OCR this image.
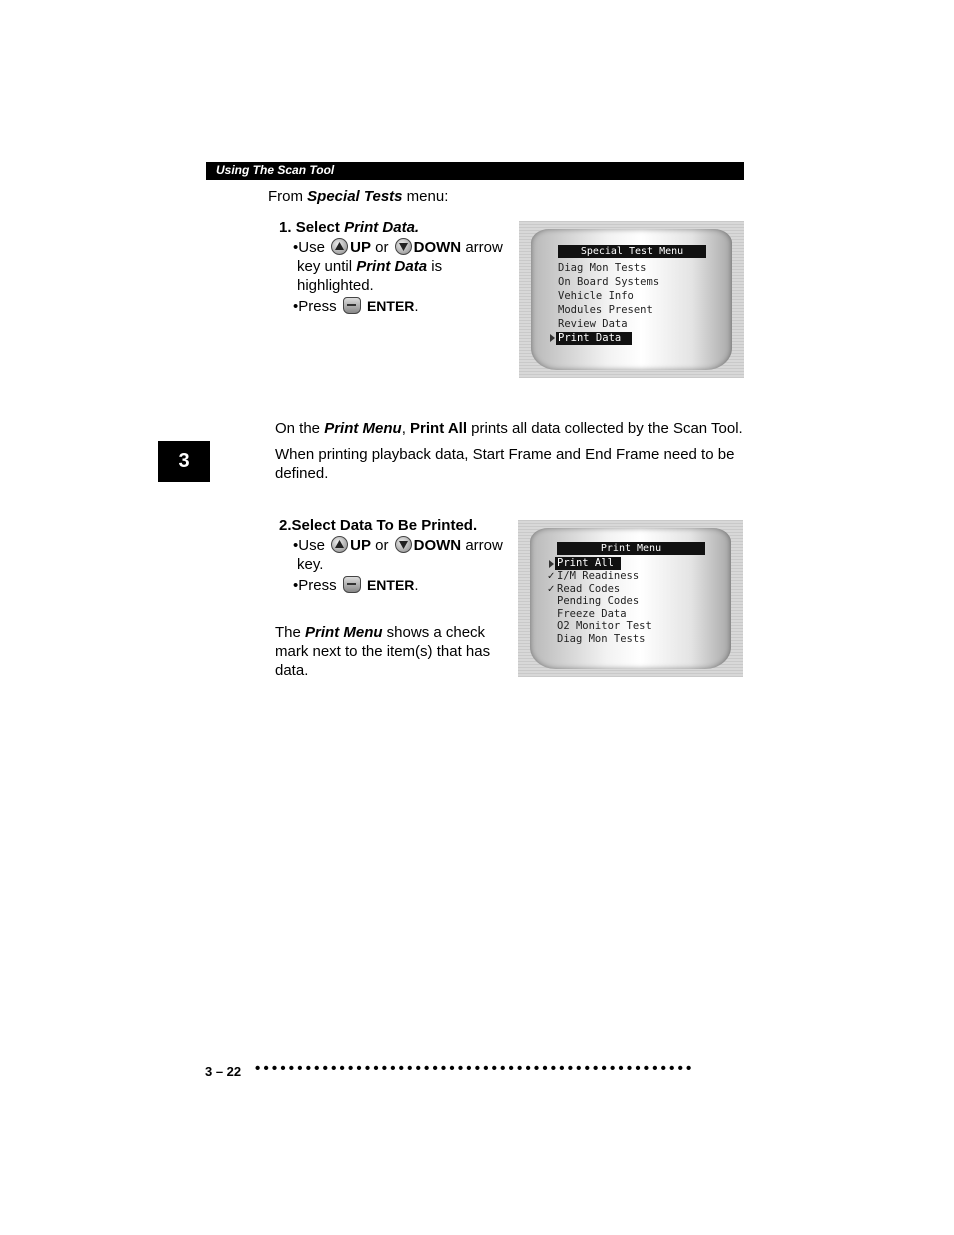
Using The Scan Tool
From Special Tests menu:
1. Select Print Data.
•Use UP or DOWN arrow
key until Print Data is
highlighted.
•Press ENTER.
Special Test Menu
Diag Mon Tests
On Board Systems
Vehicle Info
Modules Present
Review Data
Print Data
On the Print Menu, Print All prints all data collected by the Scan Tool.
When printing playback data, Start Frame and End Frame need to be
defined.
3
2.Select Data To Be Printed.
•Use UP or DOWN arrow
key.
•Press ENTER.
The Print Menu shows a check
mark next to the item(s) that has
data.
Print Menu
Print All
✓ I/M Readiness
✓ Read Codes
Pending Codes
Freeze Data
O2 Monitor Test
Diag Mon Tests
3 – 22 ••••••••••••••••••••••••••••••••••••••••••••••••••••
